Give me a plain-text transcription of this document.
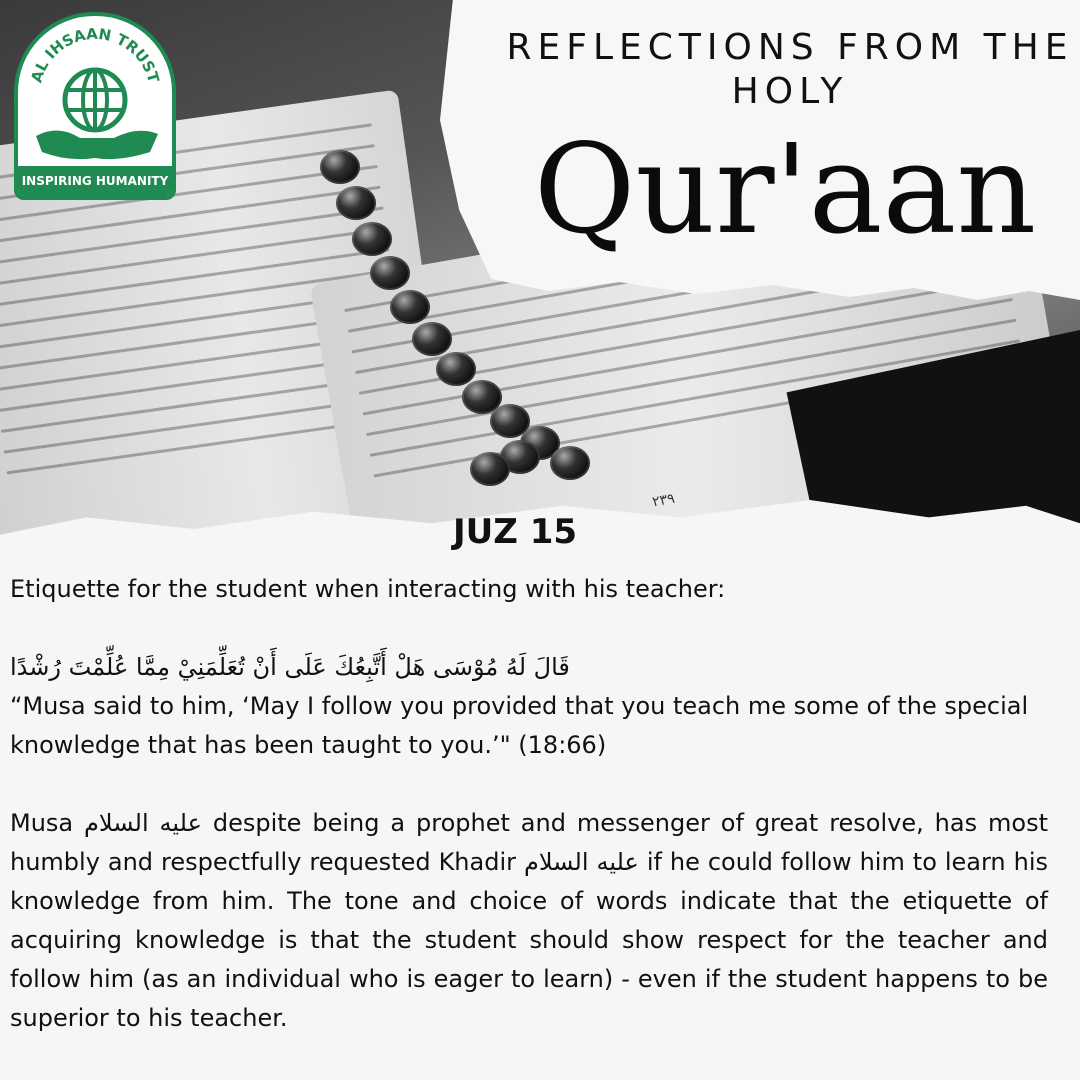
٢٣٩
AL IHSAAN TRUST
INSPIRING HUMANITY
REFLECTIONS FROM THE HOLY
Qur'aan
JUZ 15

Etiquette for the student when interacting with his teacher:

قَالَ لَهُ مُوْسَى هَلْ أَتَّبِعُكَ عَلَى أَنْ تُعَلِّمَنِيْ مِمَّا عُلِّمْتَ رُشْدًا

“Musa said to him, ‘May I follow you provided that you teach me some of the special knowledge that has been taught to you.’" (18:66)

Musa عليه السلام despite being a prophet and messenger of great resolve, has most humbly and respectfully requested Khadir عليه السلام if he could follow him to learn his knowledge from him. The tone and choice of words indicate that the etiquette of acquiring knowledge is that the student should show respect for the teacher and follow him (as an individual who is eager to learn) - even if the student happens to be superior to his teacher.
